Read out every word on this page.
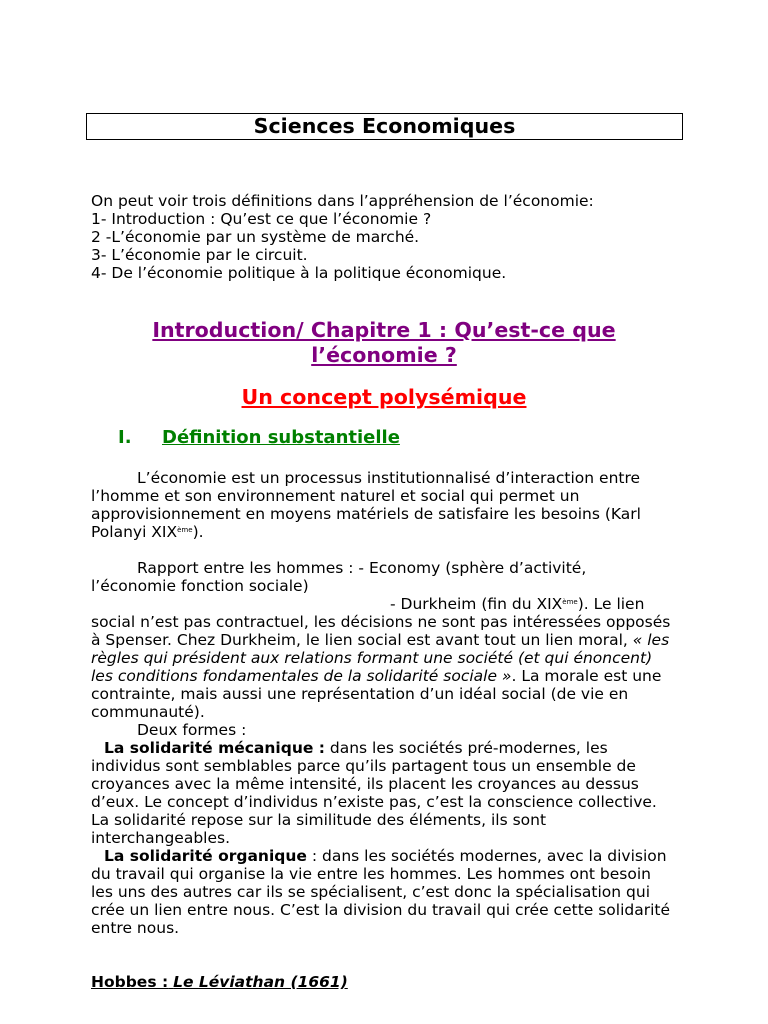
Sciences Economiques
On peut voir trois définitions dans l’appréhension de l’économie:
1- Introduction : Qu’est ce que l’économie ?
2 -L’économie par un système de marché.
3- L’économie par le circuit.
4- De l’économie politique à la politique économique.
Introduction/ Chapitre 1 : Qu’est-ce que
l’économie ?
Un concept polysémique
I. Définition substantielle
L’économie est un processus institutionnalisé d’interaction entre
l’homme et son environnement naturel et social qui permet un
approvisionnement en moyens matériels de satisfaire les besoins (Karl
Polanyi XIXème).
Rapport entre les hommes : - Economy (sphère d’activité,
l’économie fonction sociale)
- Durkheim (fin du XIXème). Le lien
social n’est pas contractuel, les décisions ne sont pas intéressées opposés
à Spenser. Chez Durkheim, le lien social est avant tout un lien moral, « les
règles qui président aux relations formant une société (et qui énoncent)
les conditions fondamentales de la solidarité sociale ». La morale est une
contrainte, mais aussi une représentation d’un idéal social (de vie en
communauté).
Deux formes :
La solidarité mécanique : dans les sociétés pré-modernes, les
individus sont semblables parce qu’ils partagent tous un ensemble de
croyances avec la même intensité, ils placent les croyances au dessus
d’eux. Le concept d’individus n’existe pas, c’est la conscience collective.
La solidarité repose sur la similitude des éléments, ils sont
interchangeables.
La solidarité organique : dans les sociétés modernes, avec la division
du travail qui organise la vie entre les hommes. Les hommes ont besoin
les uns des autres car ils se spécialisent, c’est donc la spécialisation qui
crée un lien entre nous. C’est la division du travail qui crée cette solidarité
entre nous.
Hobbes : Le Léviathan (1661)
